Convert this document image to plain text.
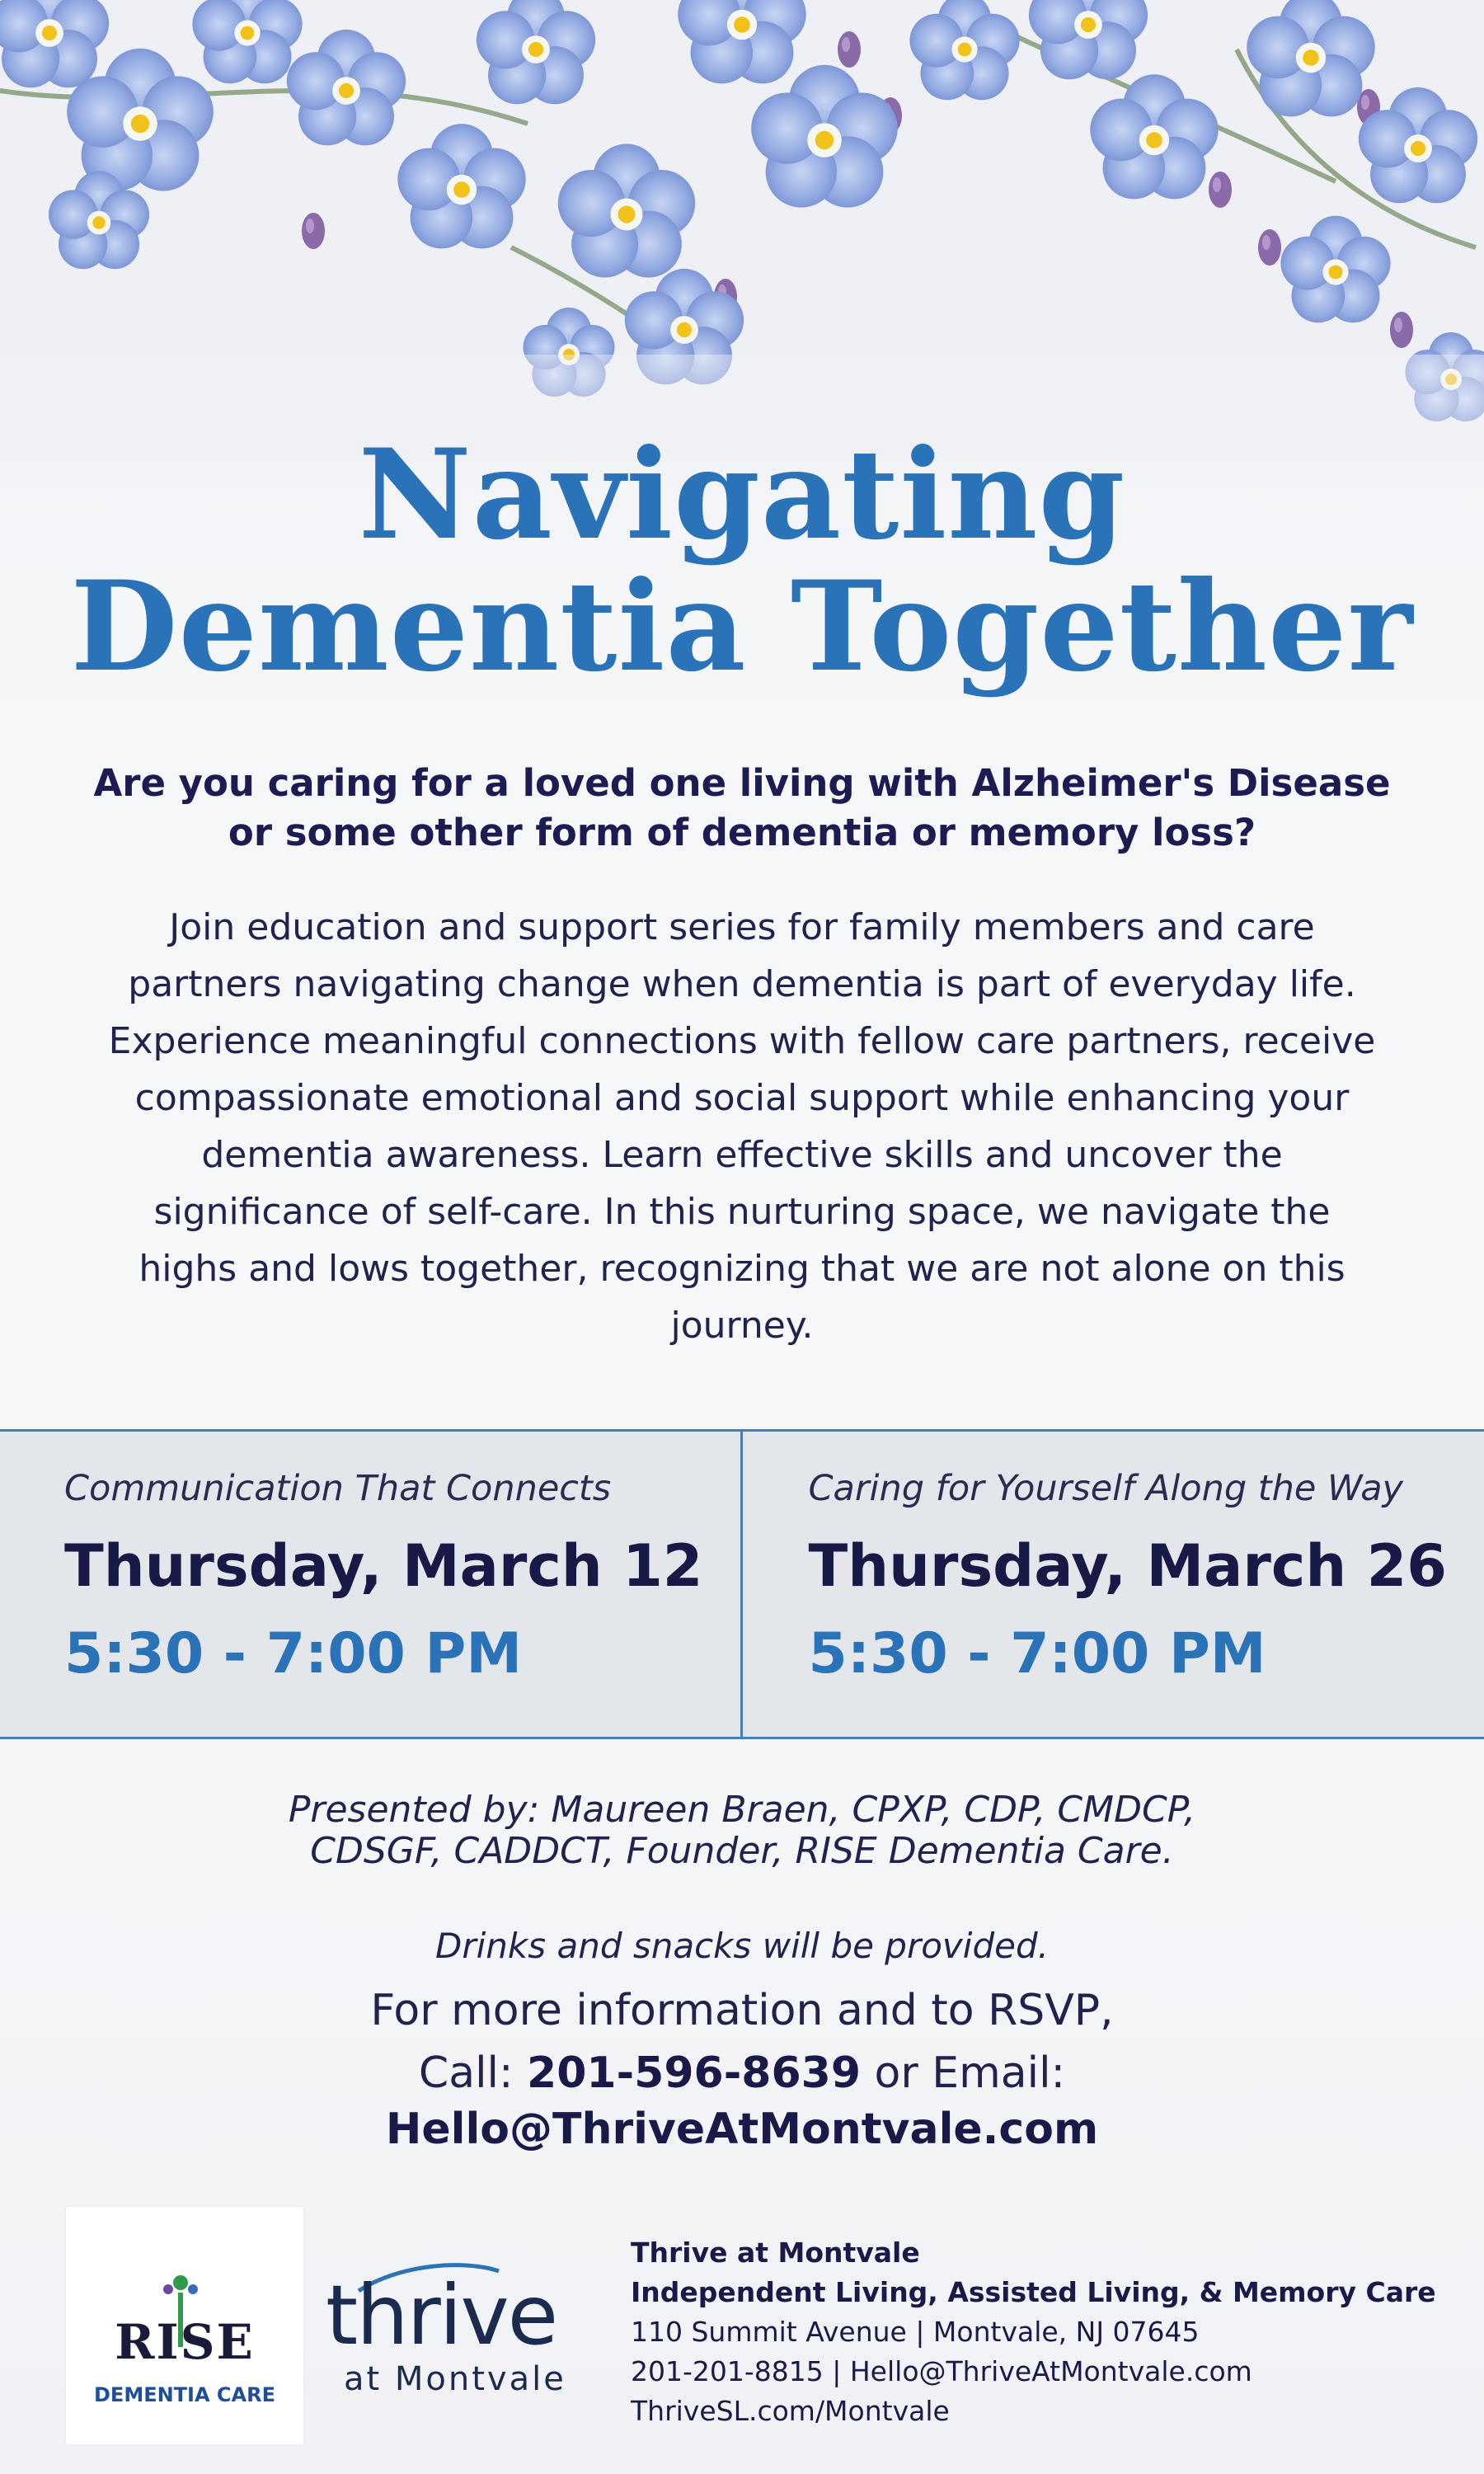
Navigating
Dementia Together

Are you caring for a loved one living with Alzheimer's Disease or some other form of dementia or memory loss?

Join education and support series for family members and care partners navigating change when dementia is part of everyday life. Experience meaningful connections with fellow care partners, receive compassionate emotional and social support while enhancing your dementia awareness. Learn effective skills and uncover the significance of self-care. In this nurturing space, we navigate the highs and lows together, recognizing that we are not alone on this journey.

Communication That Connects

Thursday, March 12

5:30 - 7:00 PM

Caring for Yourself Along the Way

Thursday, March 26

5:30 - 7:00 PM

Presented by: Maureen Braen, CPXP, CDP, CMDCP,
CDSGF, CADDCT, Founder, RISE Dementia Care.

Drinks and snacks will be provided.

For more information and to RSVP,
Call: 201-596-8639 or Email:

Hello@ThriveAtMontvale.com

RISE

DEMENTIA CARE

thrive

at Montvale

Thrive at Montvale

Independent Living, Assisted Living, & Memory Care

110 Summit Avenue | Montvale, NJ 07645

201-201-8815 | Hello@ThriveAtMontvale.com

ThriveSL.com/Montvale
